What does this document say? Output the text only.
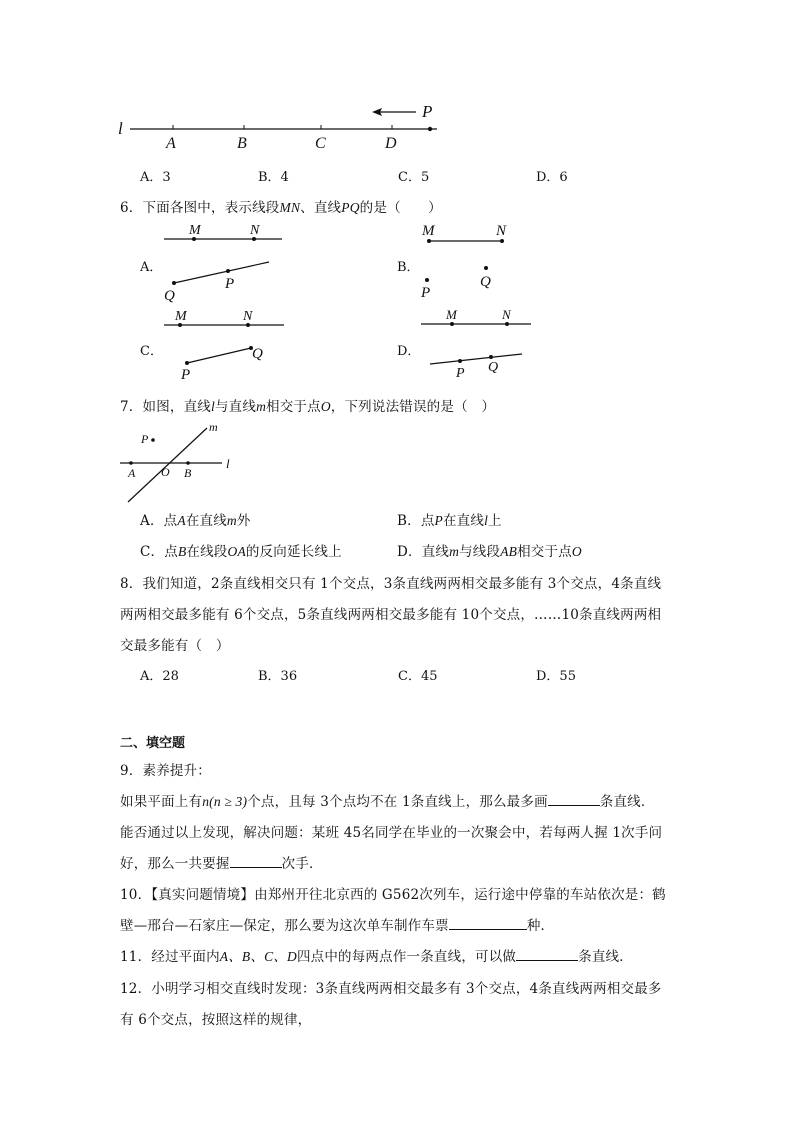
l
A	B	C	D
P
A．3	B．4	C．5	D．6
6．下面各图中，表示线段MN、直线PQ的是（　　）
A．	B．
C．	D．
M	N
Q
P
M	N
P
Q
M	N
P
Q
M	N
P Q
7．如图，直线l与直线m相交于点O，下列说法错误的是（　）
P
m
A O B
l
A．点A在直线m外	B．点P在直线l上
C．点B在线段OA的反向延长线上	D．直线m与线段AB相交于点O
8．我们知道，2条直线相交只有 1个交点，3条直线两两相交最多能有 3个交点，4条直线
两两相交最多能有 6个交点，5条直线两两相交最多能有 10个交点，……10条直线两两相
交最多能有（　）
A．28	B．36	C．45	D．55
二、填空题
9．素养提升：
如果平面上有n(n ≥ 3)个点，且每 3个点均不在 1条直线上，那么最多画	条直线．
能否通过以上发现，解决问题：某班 45名同学在毕业的一次聚会中，若每两人握 1次手问
好，那么一共要握	次手．
10．【真实问题情境】由郑州开往北京西的 G562次列车，运行途中停靠的车站依次是：鹤
壁—邢台—石家庄—保定，那么要为这次单车制作车票	种．
11．经过平面内A、B、C、D四点中的每两点作一条直线，可以做	条直线．
12．小明学习相交直线时发现：3条直线两两相交最多有 3个交点，4条直线两两相交最多
有 6个交点，按照这样的规律，
